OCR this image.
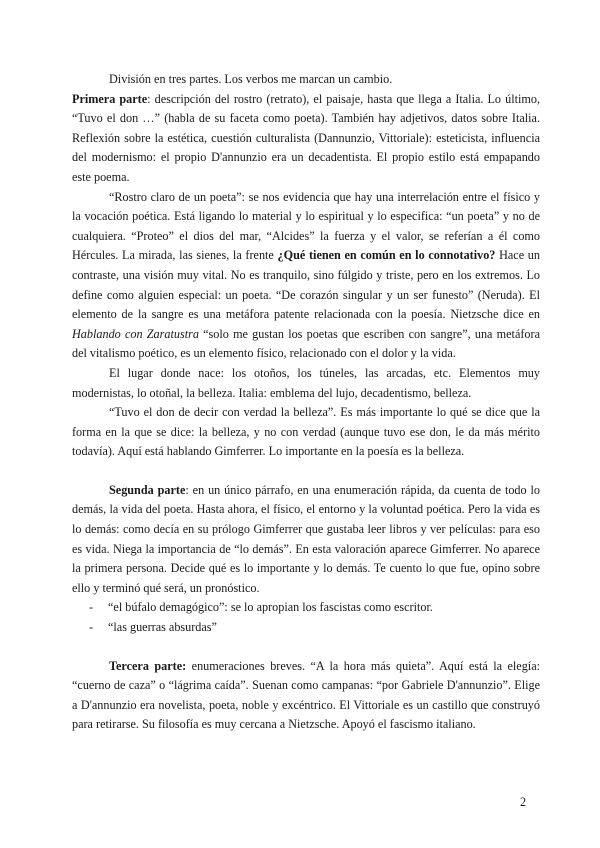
División en tres partes. Los verbos me marcan un cambio.

Primera parte: descripción del rostro (retrato), el paisaje, hasta que llega a Italia. Lo último, “Tuvo el don …” (habla de su faceta como poeta). También hay adjetivos, datos sobre Italia. Reflexión sobre la estética, cuestión culturalista (Dannunzio, Vittoriale): esteticista, influencia del modernismo: el propio D'annunzio era un decadentista. El propio estilo está empapando este poema.

“Rostro claro de un poeta”: se nos evidencia que hay una interrelación entre el físico y la vocación poética. Está ligando lo material y lo espiritual y lo especifica: “un poeta” y no de cualquiera. “Proteo” el dios del mar, “Alcides” la fuerza y el valor, se referían a él como Hércules. La mirada, las sienes, la frente ¿Qué tienen en común en lo connotativo? Hace un contraste, una visión muy vital. No es tranquilo, sino fúlgido y triste, pero en los extremos. Lo define como alguien especial: un poeta. “De corazón singular y un ser funesto” (Neruda). El elemento de la sangre es una metáfora patente relacionada con la poesía. Nietzsche dice en Hablando con Zaratustra “solo me gustan los poetas que escriben con sangre”, una metáfora del vitalismo poético, es un elemento físico, relacionado con el dolor y la vida.

El lugar donde nace: los otoños, los túneles, las arcadas, etc. Elementos muy modernistas, lo otoñal, la belleza. Italia: emblema del lujo, decadentismo, belleza.

“Tuvo el don de decir con verdad la belleza”. Es más importante lo qué se dice que la forma en la que se dice: la belleza, y no con verdad (aunque tuvo ese don, le da más mérito todavía). Aquí está hablando Gimferrer. Lo importante en la poesía es la belleza.

Segunda parte: en un único párrafo, en una enumeración rápida, da cuenta de todo lo demás, la vida del poeta. Hasta ahora, el físico, el entorno y la voluntad poética. Pero la vida es lo demás: como decía en su prólogo Gimferrer que gustaba leer libros y ver películas: para eso es vida. Niega la importancia de “lo demás”. En esta valoración aparece Gimferrer. No aparece la primera persona. Decide qué es lo importante y lo demás. Te cuento lo que fue, opino sobre ello y terminó qué será, un pronóstico.

- “el búfalo demagógico”: se lo apropian los fascistas como escritor.
- “las guerras absurdas”

Tercera parte: enumeraciones breves. “A la hora más quieta”. Aquí está la elegía: “cuerno de caza” o “lágrima caída”. Suenan como campanas: “por Gabriele D'annunzio”. Elige a D'annunzio era novelista, poeta, noble y excéntrico. El Vittoriale es un castillo que construyó para retirarse. Su filosofía es muy cercana a Nietzsche. Apoyó el fascismo italiano.

2
